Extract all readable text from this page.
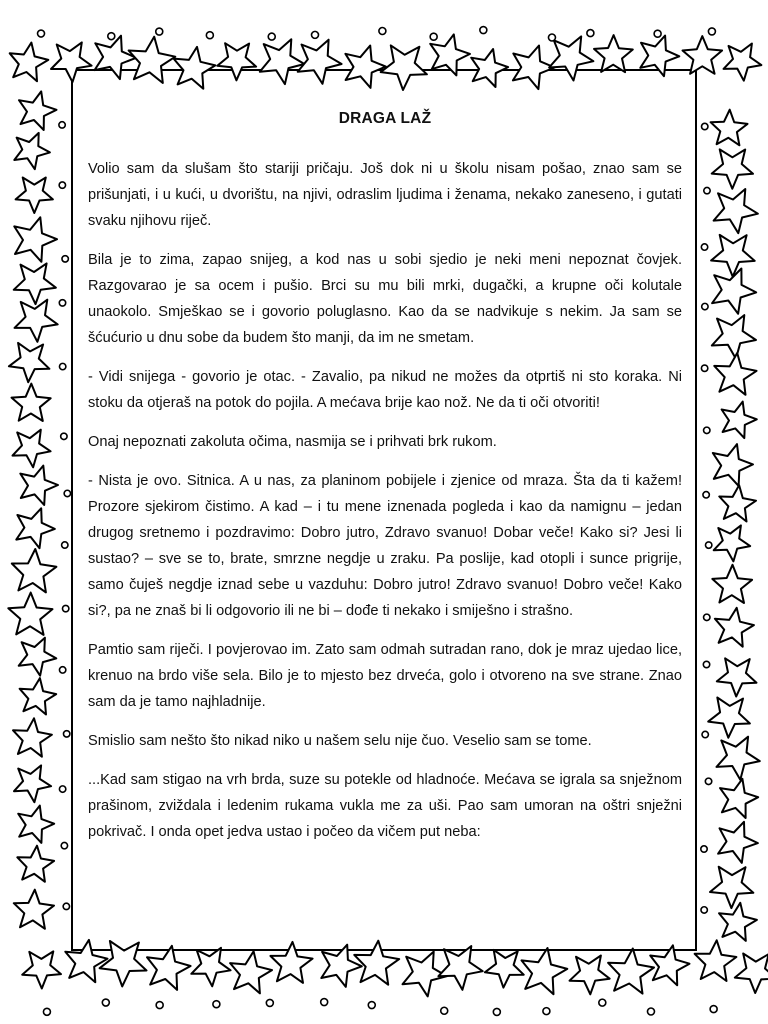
DRAGA LAŽ

Volio sam da slušam što stariji pričaju. Još dok ni u školu nisam pošao, znao sam se prišunjati, i u kući, u dvorištu, na njivi, odraslim ljudima i ženama, nekako zaneseno, i gutati svaku njihovu riječ.

Bila je to zima, zapao snijeg, a kod nas u sobi sjedio je neki meni nepoznat čovjek. Razgovarao je sa ocem i pušio. Brci su mu bili mrki, dugački, a krupne oči kolutale unaokolo. Smješkao se i govorio poluglasno. Kao da se nadvikuje s nekim. Ja sam se šćućurio u dnu sobe da budem što manji, da im ne smetam.

- Vidi snijega - govorio je otac. - Zavalio, pa nikud ne možes da otprtiš ni sto koraka. Ni stoku da otjeraš na potok do pojila. A mećava brije kao nož. Ne da ti oči otvoriti!

Onaj nepoznati zakoluta očima, nasmija se i prihvati brk rukom.

- Nista je ovo. Sitnica. A u nas, za planinom pobijele i zjenice od mraza. Šta da ti kažem! Prozore sjekirom čistimo. A kad – i tu mene iznenada pogleda i kao da namignu – jedan drugog sretnemo i pozdravimo: Dobro jutro, Zdravo svanuo! Dobar veče! Kako si? Jesi li sustao? – sve se to, brate, smrzne negdje u zraku. Pa poslije, kad otopli i sunce prigrije, samo čuješ negdje iznad sebe u vazduhu: Dobro jutro! Zdravo svanuo! Dobro veče! Kako si?, pa ne znaš bi li odgovorio ili ne bi – dođe ti nekako i smiješno i strašno.

Pamtio sam riječi. I povjerovao im. Zato sam odmah sutradan rano, dok je mraz ujedao lice, krenuo na brdo više sela. Bilo je to mjesto bez drveća, golo i otvoreno na sve strane. Znao sam da je tamo najhladnije.

Smislio sam nešto što nikad niko u našem selu nije čuo. Veselio sam se tome.

...Kad sam stigao na vrh brda, suze su potekle od hladnoće. Mećava se igrala sa snježnom prašinom, zviždala i ledenim rukama vukla me za uši. Pao sam umoran na oštri snježni pokrivač. I onda opet jedva ustao i počeo da vičem put neba:
